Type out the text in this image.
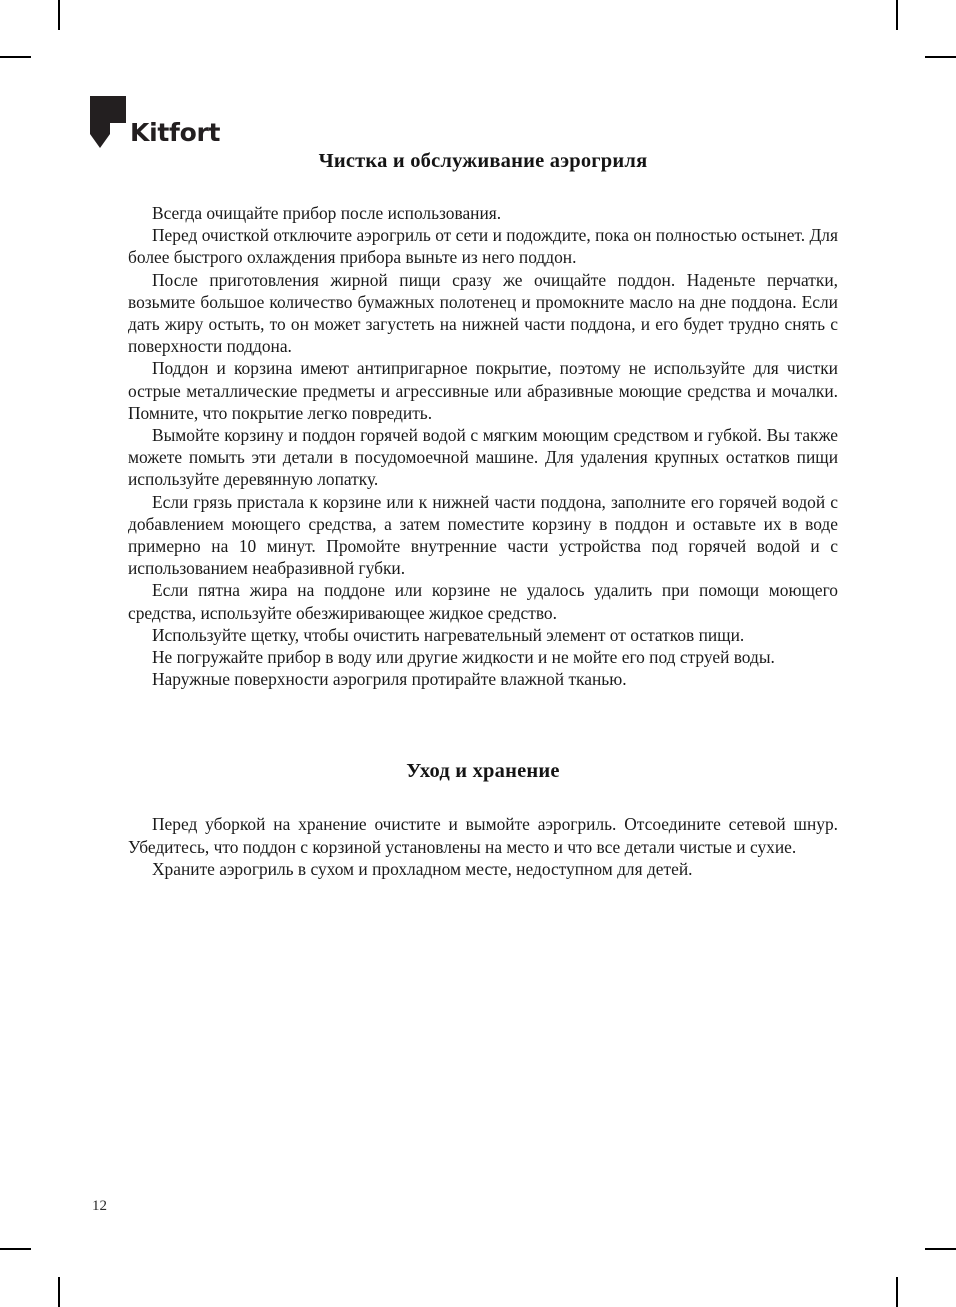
Kitfort
Чистка и обслуживание аэрогриля

Всегда очищайте прибор после использования.

Перед очисткой отключите аэрогриль от сети и подождите, пока он полностью остынет. Для более быстрого охлаждения прибора выньте из него поддон.

После приготовления жирной пищи сразу же очищайте поддон. Наденьте перчатки, возьмите большое количество бумажных полотенец и промокните масло на дне поддона. Если дать жиру остыть, то он может загустеть на нижней части поддона, и его будет трудно снять с поверхности поддона.

Поддон и корзина имеют антипригарное покрытие, поэтому не используйте для чистки острые металлические предметы и агрессивные или абразивные моющие средства и мочалки. Помните, что покрытие легко повредить.

Вымойте корзину и поддон горячей водой с мягким моющим средством и губкой. Вы также можете помыть эти детали в посудомоечной машине. Для удаления крупных остатков пищи используйте деревянную лопатку.

Если грязь пристала к корзине или к нижней части поддона, заполните его горячей водой с добавлением моющего средства, а затем поместите корзину в поддон и оставьте их в воде примерно на 10 минут. Промойте внутренние части устройства под горячей водой и с использованием неабразивной губки.

Если пятна жира на поддоне или корзине не удалось удалить при помощи моющего средства, используйте обезжиривающее жидкое средство.

Используйте щетку, чтобы очистить нагревательный элемент от остатков пищи.

Не погружайте прибор в воду или другие жидкости и не мойте его под струей воды.

Наружные поверхности аэрогриля протирайте влажной тканью.

Уход и хранение

Перед уборкой на хранение очистите и вымойте аэрогриль. Отсоедините сетевой шнур. Убедитесь, что поддон с корзиной установлены на место и что все детали чистые и сухие.

Храните аэрогриль в сухом и прохладном месте, недоступном для детей.

12
